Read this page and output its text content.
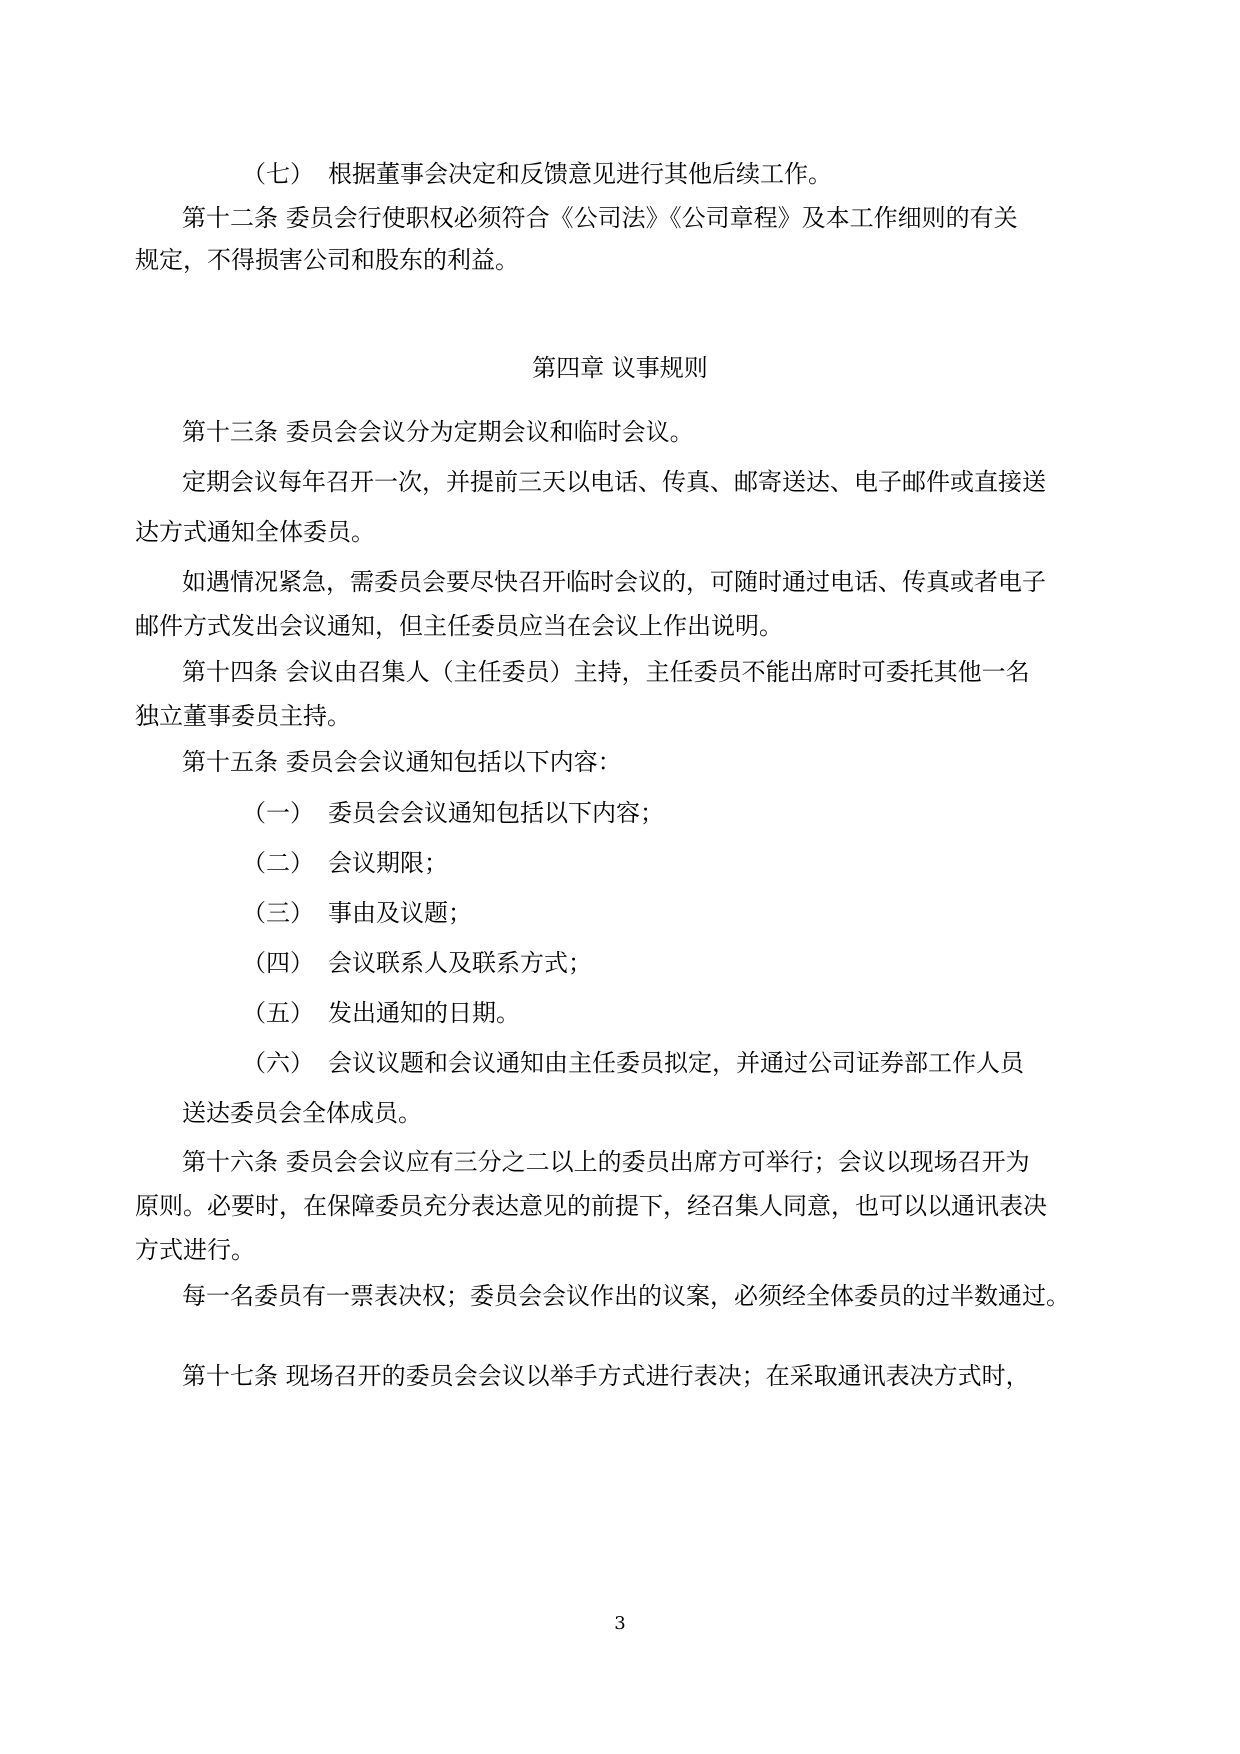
（七） 根据董事会决定和反馈意见进行其他后续工作。
第十二条 委员会行使职权必须符合《公司法》《公司章程》及本工作细则的有关
规定，不得损害公司和股东的利益。
第四章 议事规则
第十三条 委员会会议分为定期会议和临时会议。
定期会议每年召开一次，并提前三天以电话、传真、邮寄送达、电子邮件或直接送
达方式通知全体委员。
如遇情况紧急，需委员会要尽快召开临时会议的，可随时通过电话、传真或者电子
邮件方式发出会议通知，但主任委员应当在会议上作出说明。
第十四条 会议由召集人（主任委员）主持，主任委员不能出席时可委托其他一名
独立董事委员主持。
第十五条 委员会会议通知包括以下内容：
（一） 委员会会议通知包括以下内容；
（二） 会议期限；
（三） 事由及议题；
（四） 会议联系人及联系方式；
（五） 发出通知的日期。
（六） 会议议题和会议通知由主任委员拟定，并通过公司证券部工作人员
送达委员会全体成员。
第十六条 委员会会议应有三分之二以上的委员出席方可举行；会议以现场召开为
原则。必要时，在保障委员充分表达意见的前提下，经召集人同意，也可以以通讯表决
方式进行。
每一名委员有一票表决权；委员会会议作出的议案，必须经全体委员的过半数通过。
第十七条 现场召开的委员会会议以举手方式进行表决；在采取通讯表决方式时，
3
